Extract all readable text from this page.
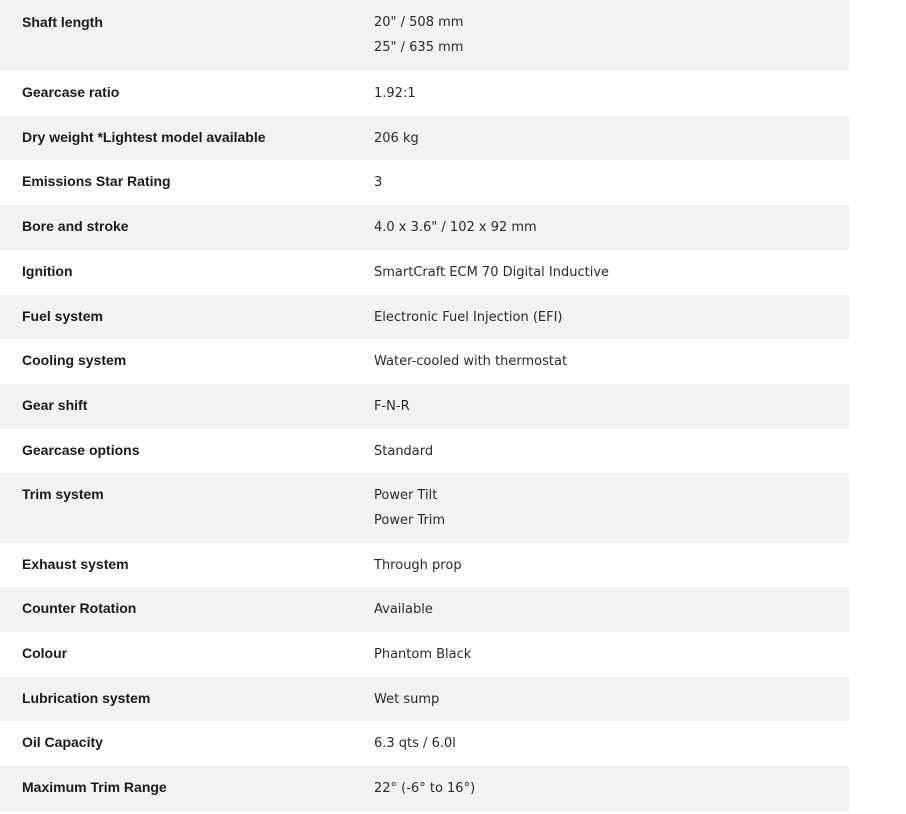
Shaft length	20" / 508 mm
25" / 635 mm
Gearcase ratio	1.92:1
Dry weight *Lightest model available	206 kg
Emissions Star Rating	3
Bore and stroke	4.0 x 3.6" / 102 x 92 mm
Ignition	SmartCraft ECM 70 Digital Inductive
Fuel system	Electronic Fuel Injection (EFI)
Cooling system	Water-cooled with thermostat
Gear shift	F-N-R
Gearcase options	Standard
Trim system	Power Tilt
Power Trim
Exhaust system	Through prop
Counter Rotation	Available
Colour	Phantom Black
Lubrication system	Wet sump
Oil Capacity	6.3 qts / 6.0l
Maximum Trim Range	22° (-6° to 16°)
